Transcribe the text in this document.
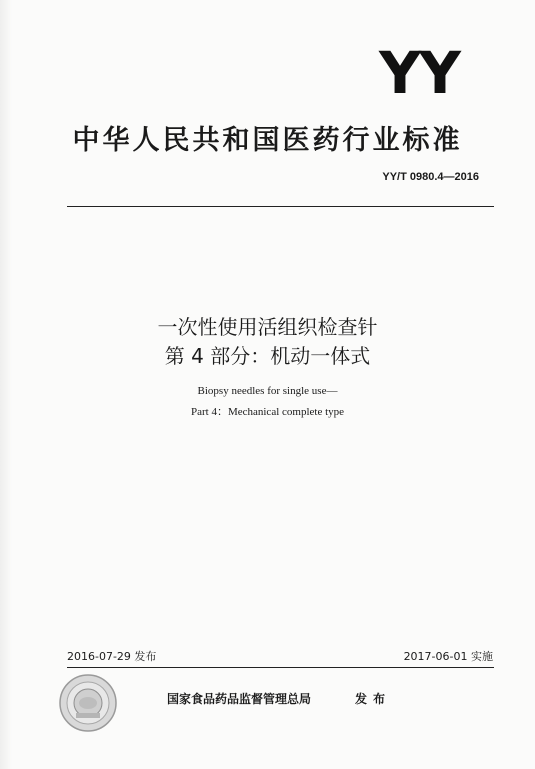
YY
中华人民共和国医药行业标准
YY/T 0980.4—2016
一次性使用活组织检查针
第 4 部分：机动一体式
Biopsy needles for single use—
Part 4：Mechanical complete type
2016-07-29 发布	2017-06-01 实施
国家食品药品监督管理总局	发布
